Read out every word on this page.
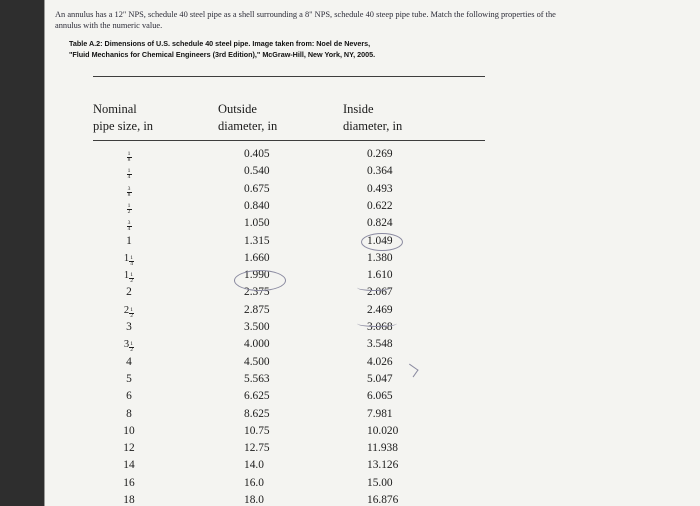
An annulus has a 12" NPS, schedule 40 steel pipe as a shell surrounding a 8" NPS, schedule 40 steep pipe tube. Match the following properties of the
annulus with the numeric value.
Table A.2: Dimensions of U.S. schedule 40 steel pipe. Image taken from: Noel de Nevers,
"Fluid Mechanics for Chemical Engineers (3rd Edition)," McGraw-Hill, New York, NY, 2005.
Nominal
pipe size, in
Outside
diameter, in
Inside
diameter, in
$\frac{1}{8}$
$\frac{1}{4}$
$\frac{3}{8}$
$\frac{1}{2}$
$\frac{3}{4}$
1
$1 \frac{1}{4}$
$1 \frac{1}{2}$
2
$2 \frac{1}{2}$
3
$3 \frac{1}{2}$
4
5
6
8
10
12
14
16
18
0.405
0.540
0.675
0.840
1.050
1.315
1.660
1.990
2.375
2.875
3.500
4.000
4.500
5.563
6.625
8.625
10.75
12.75
14.0
16.0
18.0
0.269
0.364
0.493
0.622
0.824
1.049
1.380
1.610
2.067
2.469
3.068
3.548
4.026
5.047
6.065
7.981
10.020
11.938
13.126
15.00
16.876
